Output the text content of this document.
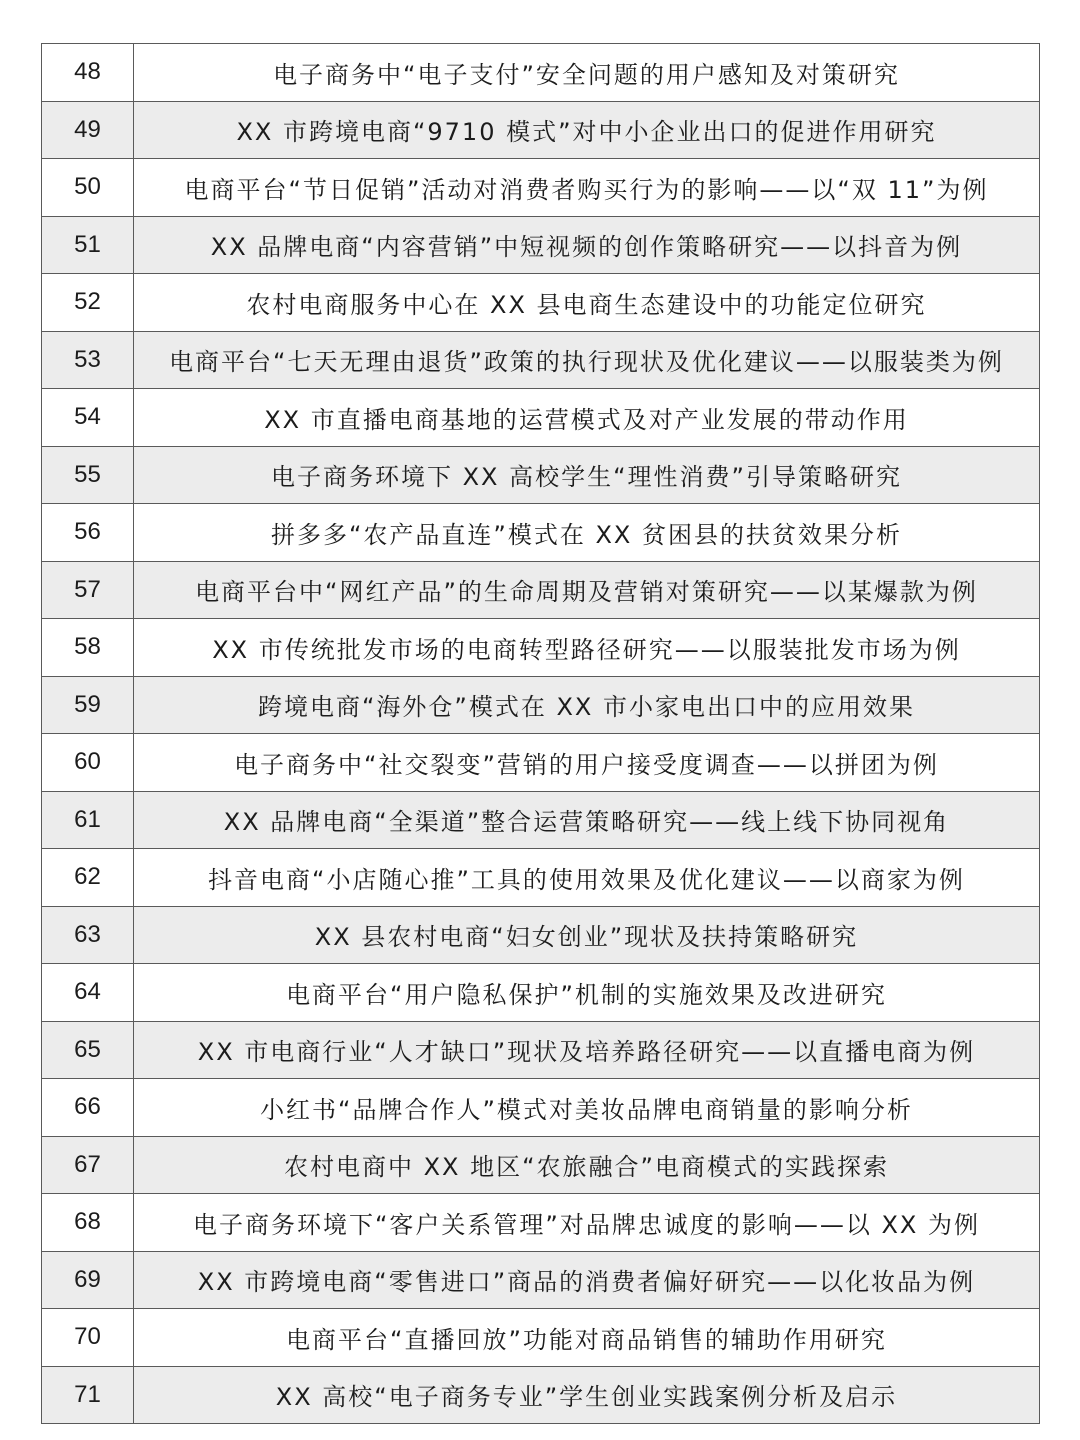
48	电子商务中“电子支付”安全问题的用户感知及对策研究
49	XX 市跨境电商“9710 模式”对中小企业出口的促进作用研究
50	电商平台“节日促销”活动对消费者购买行为的影响——以“双 11”为例
51	XX 品牌电商“内容营销”中短视频的创作策略研究——以抖音为例
52	农村电商服务中心在 XX 县电商生态建设中的功能定位研究
53	电商平台“七天无理由退货”政策的执行现状及优化建议——以服装类为例
54	XX 市直播电商基地的运营模式及对产业发展的带动作用
55	电子商务环境下 XX 高校学生“理性消费”引导策略研究
56	拼多多“农产品直连”模式在 XX 贫困县的扶贫效果分析
57	电商平台中“网红产品”的生命周期及营销对策研究——以某爆款为例
58	XX 市传统批发市场的电商转型路径研究——以服装批发市场为例
59	跨境电商“海外仓”模式在 XX 市小家电出口中的应用效果
60	电子商务中“社交裂变”营销的用户接受度调查——以拼团为例
61	XX 品牌电商“全渠道”整合运营策略研究——线上线下协同视角
62	抖音电商“小店随心推”工具的使用效果及优化建议——以商家为例
63	XX 县农村电商“妇女创业”现状及扶持策略研究
64	电商平台“用户隐私保护”机制的实施效果及改进研究
65	XX 市电商行业“人才缺口”现状及培养路径研究——以直播电商为例
66	小红书“品牌合作人”模式对美妆品牌电商销量的影响分析
67	农村电商中 XX 地区“农旅融合”电商模式的实践探索
68	电子商务环境下“客户关系管理”对品牌忠诚度的影响——以 XX 为例
69	XX 市跨境电商“零售进口”商品的消费者偏好研究——以化妆品为例
70	电商平台“直播回放”功能对商品销售的辅助作用研究
71	XX 高校“电子商务专业”学生创业实践案例分析及启示
